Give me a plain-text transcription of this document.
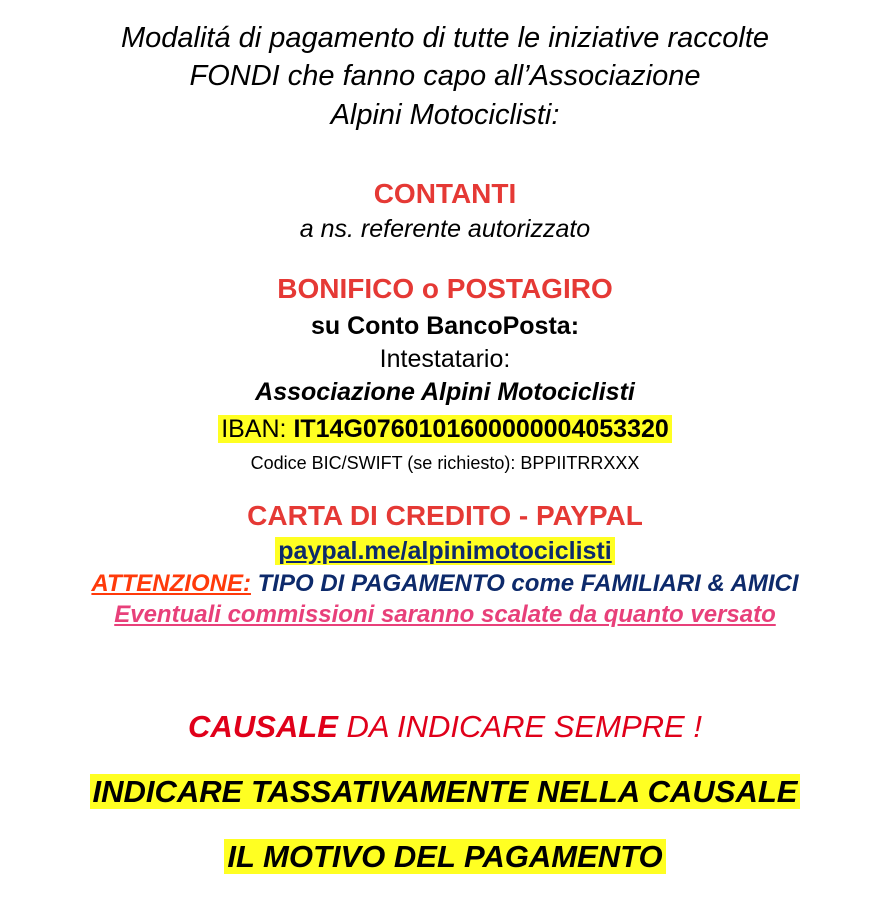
Modalitá di pagamento di tutte le iniziative raccolte
FONDI che fanno capo all’Associazione
Alpini Motociclisti:
CONTANTI
a ns. referente autorizzato
BONIFICO o POSTAGIRO
su Conto BancoPosta:
Intestatario:
Associazione Alpini Motociclisti
IBAN: IT14G0760101600000004053320
Codice BIC/SWIFT (se richiesto): BPPIITRRXXX
CARTA DI CREDITO - PAYPAL
paypal.me/alpinimotociclisti
ATTENZIONE: TIPO DI PAGAMENTO come FAMILIARI & AMICI
Eventuali commissioni saranno scalate da quanto versato
CAUSALE DA INDICARE SEMPRE !
INDICARE TASSATIVAMENTE NELLA CAUSALE
IL MOTIVO DEL PAGAMENTO
